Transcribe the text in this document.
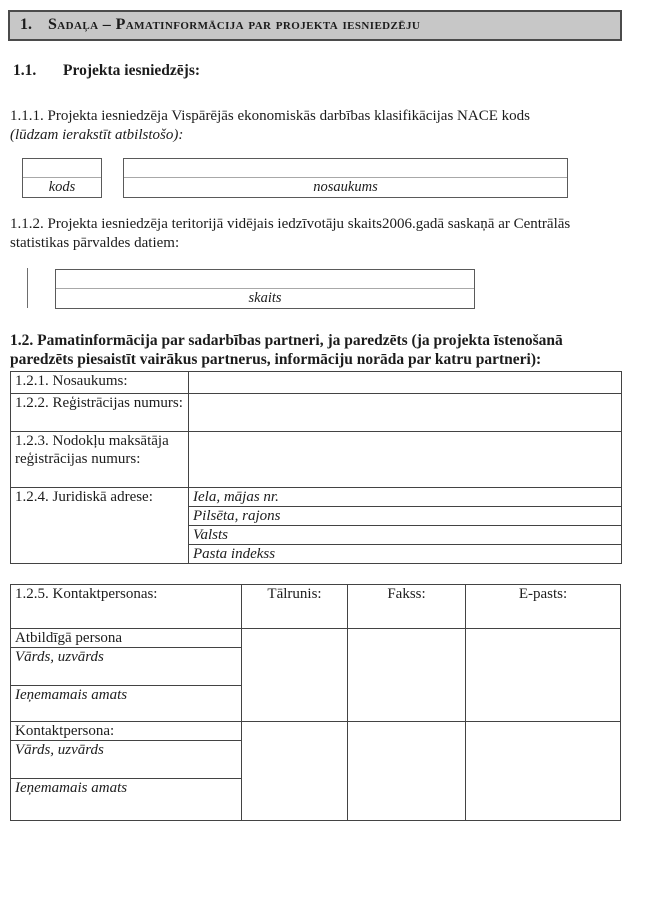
1. Sadaļa – Pamatinformācija par projekta iesniedzēju
1.1.	Projekta iesniedzējs:
1.1.1. Projekta iesniedzēja Vispārējās ekonomiskās darbības klasifikācijas NACE kods
(lūdzam ierakstīt atbilstošo):
kods	nosaukums
1.1.2. Projekta iesniedzēja teritorijā vidējais iedzīvotāju skaits2006.gadā saskaņā ar Centrālās statistikas pārvaldes datiem:
skaits
1.2. Pamatinformācija par sadarbības partneri, ja paredzēts (ja projekta īstenošanā paredzēts piesaistīt vairākus partnerus, informāciju norāda par katru partneri):
1.2.1. Nosaukums:	
1.2.2. Reģistrācijas numurs:	
1.2.3. Nodokļu maksātāja reģistrācijas numurs:	
1.2.4. Juridiskā adrese:	Iela, mājas nr.
	Pilsēta, rajons
	Valsts
	Pasta indekss
1.2.5. Kontaktpersonas:	Tālrunis:	Fakss:	E-pasts:
Atbildīgā persona			
Vārds, uzvārds			
Ieņemamais amats			
Kontaktpersona:			
Vārds, uzvārds			
Ieņemamais amats			
